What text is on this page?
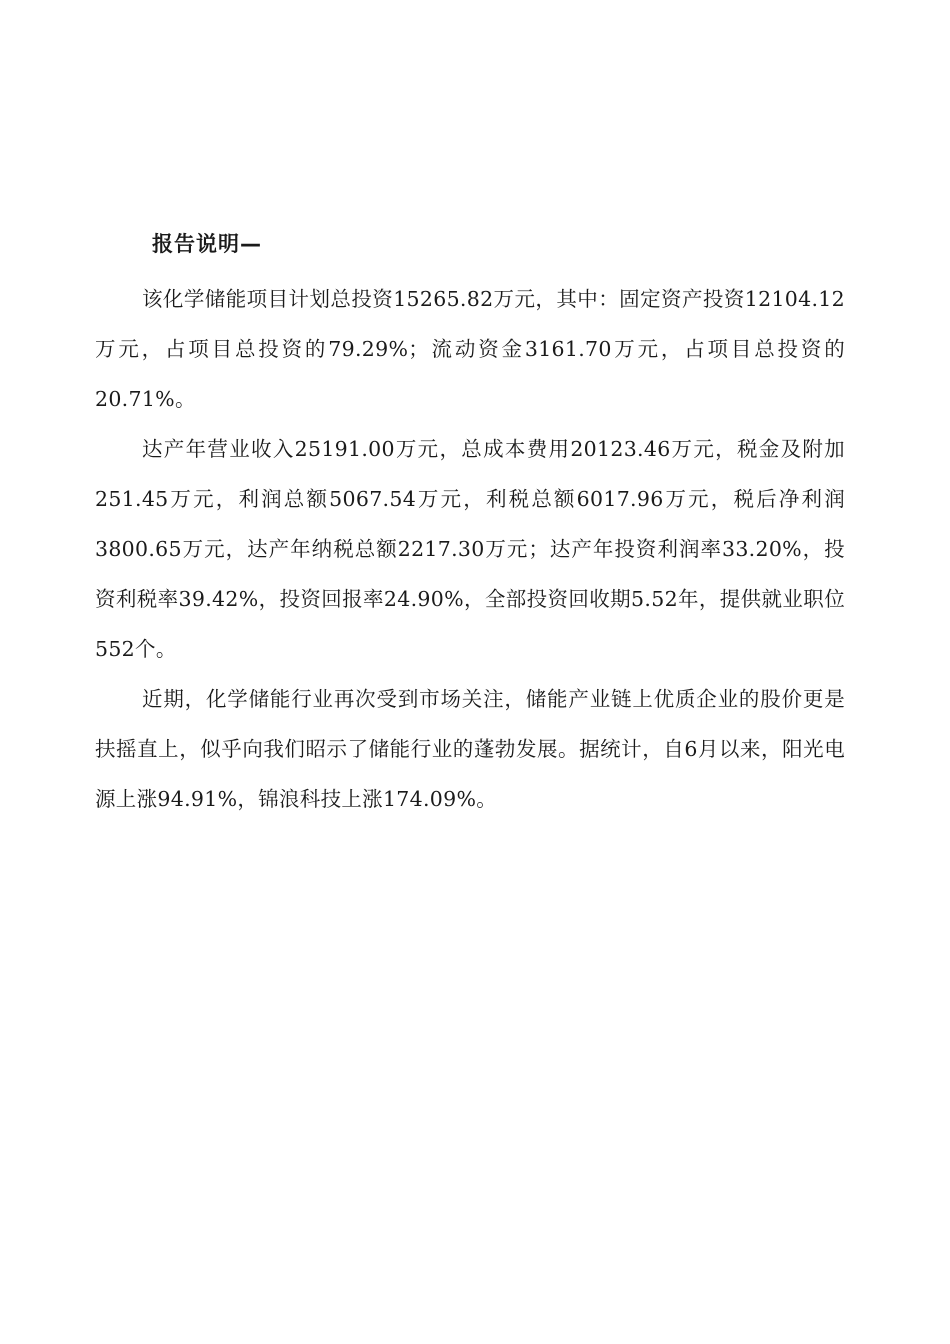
报告说明—

该化学储能项目计划总投资15265.82万元，其中：固定资产投资12104.12万元，占项目总投资的79.29%；流动资金3161.70万元，占项目总投资的20.71%。

达产年营业收入25191.00万元，总成本费用20123.46万元，税金及附加251.45万元，利润总额5067.54万元，利税总额6017.96万元，税后净利润3800.65万元，达产年纳税总额2217.30万元；达产年投资利润率33.20%，投资利税率39.42%，投资回报率24.90%，全部投资回收期5.52年，提供就业职位552个。

近期，化学储能行业再次受到市场关注，储能产业链上优质企业的股价更是扶摇直上，似乎向我们昭示了储能行业的蓬勃发展。据统计，自6月以来，阳光电源上涨94.91%，锦浪科技上涨174.09%。
